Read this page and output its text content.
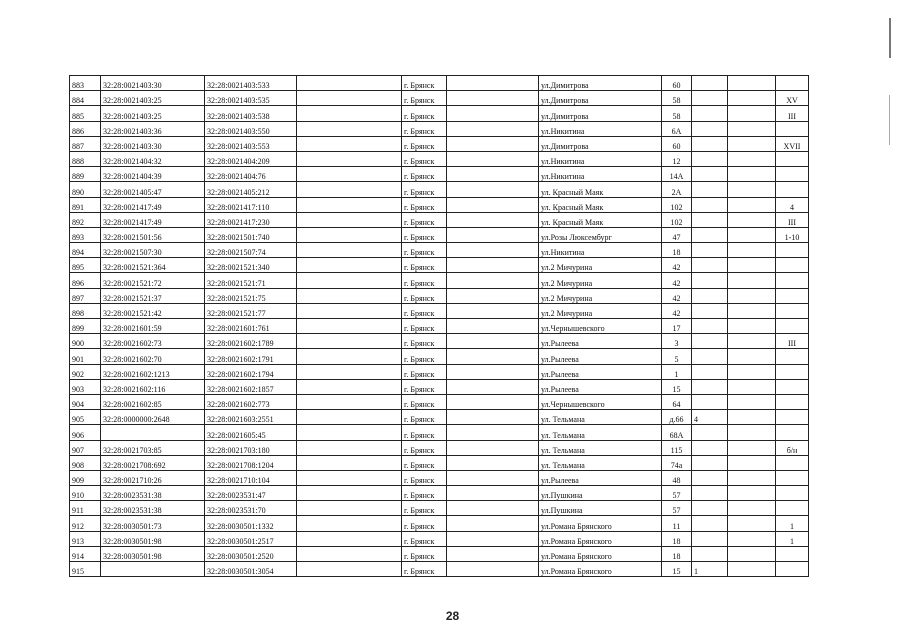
883	32:28:0021403:30	32:28:0021403:533		г. Брянск		ул.Димитрова	60			
884	32:28:0021403:25	32:28:0021403:535		г. Брянск		ул.Димитрова	58			XV
885	32:28:0021403:25	32:28:0021403:538		г. Брянск		ул.Димитрова	58			III
886	32:28:0021403:36	32:28:0021403:550		г. Брянск		ул.Никитина	6А			
887	32:28:0021403:30	32:28:0021403:553		г. Брянск		ул.Димитрова	60			XVII
888	32:28:0021404:32	32:28:0021404:209		г. Брянск		ул.Никитина	12			
889	32:28:0021404:39	32:28:0021404:76		г. Брянск		ул.Никитина	14А			
890	32:28:0021405:47	32:28:0021405:212		г. Брянск		ул. Красный Маяк	2А			
891	32:28:0021417:49	32:28:0021417:110		г. Брянск		ул. Красный Маяк	102			4
892	32:28:0021417:49	32:28:0021417:230		г. Брянск		ул. Красный Маяк	102			III
893	32:28:0021501:56	32:28:0021501:740		г. Брянск		ул.Розы Люксембург	47			1-10
894	32:28:0021507:30	32:28:0021507:74		г. Брянск		ул.Никитина	18			
895	32:28:0021521:364	32:28:0021521:340		г. Брянск		ул.2 Мичурина	42			
896	32:28:0021521:72	32:28:0021521:71		г. Брянск		ул.2 Мичурина	42			
897	32:28:0021521:37	32:28:0021521:75		г. Брянск		ул.2 Мичурина	42			
898	32:28:0021521:42	32:28:0021521:77		г. Брянск		ул.2 Мичурина	42			
899	32:28:0021601:59	32:28:0021601:761		г. Брянск		ул.Чернышевского	17			
900	32:28:0021602:73	32:28:0021602:1789		г. Брянск		ул.Рылеева	3			III
901	32:28:0021602:70	32:28:0021602:1791		г. Брянск		ул.Рылеева	5			
902	32:28:0021602:1213	32:28:0021602:1794		г. Брянск		ул.Рылеева	1			
903	32:28:0021602:116	32:28:0021602:1857		г. Брянск		ул.Рылеева	15			
904	32:28:0021602:85	32:28:0021602:773		г. Брянск		ул.Чернышевского	64			
905	32:28:0000000:2648	32:28:0021603:2551		г. Брянск		ул. Тельмана	д.66	4		
906		32:28:0021605:45		г. Брянск		ул. Тельмана	68А			
907	32:28:0021703:85	32:28:0021703:180		г. Брянск		ул. Тельмана	115			б/н
908	32:28:0021708:692	32:28:0021708:1204		г. Брянск		ул. Тельмана	74а			
909	32:28:0021710:26	32:28:0021710:104		г. Брянск		ул.Рылеева	48			
910	32:28:0023531:38	32:28:0023531:47		г. Брянск		ул.Пушкина	57			
911	32:28:0023531:38	32:28:0023531:70		г. Брянск		ул.Пушкина	57			
912	32:28:0030501:73	32:28:0030501:1332		г. Брянск		ул.Романа Брянского	11			1
913	32:28:0030501:98	32:28:0030501:2517		г. Брянск		ул.Романа Брянского	18			1
914	32:28:0030501:98	32:28:0030501:2520		г. Брянск		ул.Романа Брянского	18			
915		32:28:0030501:3054		г. Брянск		ул.Романа Брянского	15	1		
28
